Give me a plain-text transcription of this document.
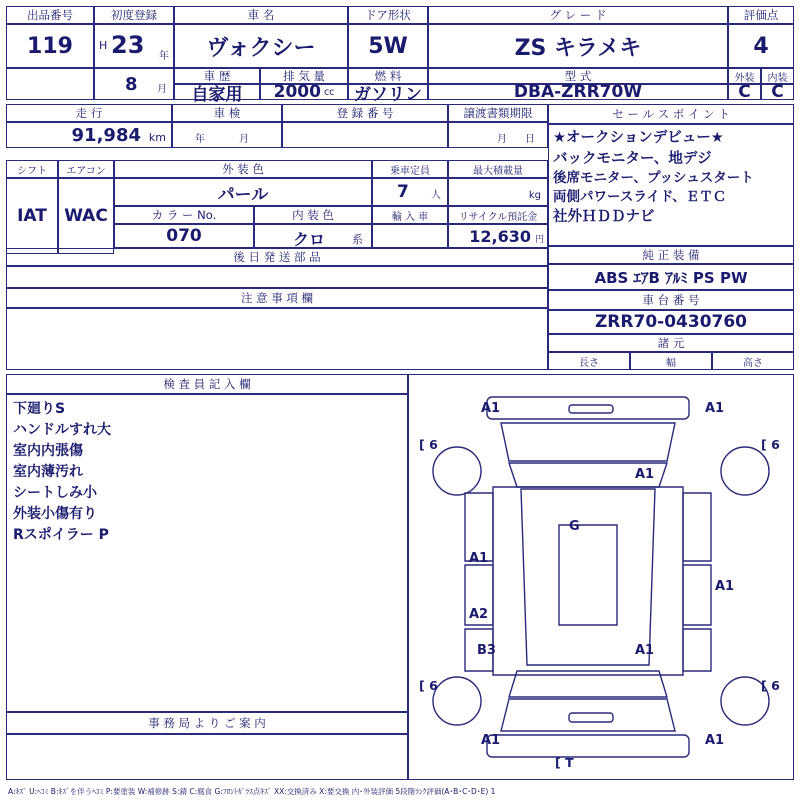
出品番号
119
初度登録
H 23 年
8 月
車 名
ヴォクシー
車 歴
自家用
排 気 量
2000 cc
ドア形状
5W
燃 料
ガソリン
グ レ ー ド
ZS キラメキ
型 式
DBA-ZRR70W
評価点
4
外装 内装
C C
走 行
91,984 km
車 検
年	月
登 録 番 号	譲渡書類期限
月 日
シフト エアコン
IAT WAC
外 装 色
パール
乗車定員
7 人
最大積載量
kg
カ ラ ー No.
070
内 装 色
クロ 系
輸 入 車	リサイクル預託金
12,630 円
後 日 発 送 部 品
注 意 事 項 欄
セ ー ル ス ポ イ ン ト
★オークションデビュー★
バックモニター、地デジ
後席モニター、プッシュスタート
両側パワースライド、ＥＴＣ
社外ＨＤＤナビ
純 正 装 備
ABS ｴｱB ｱﾙﾐ PS PW
車 台 番 号
ZRR70-0430760
諸 元
長さ	幅	高さ
検 査 員 記 入 欄
下廻りS
ハンドルすれ大
室内内張傷
室内薄汚れ
シートしみ小
外装小傷有り
Rスポイラー P
事 務 局 よ り ご 案 内
A1	A1
[ 6	[ 6
A1
G
A1
A1
A2
B3	A1
[ 6	[ 6
A1	A1
[ T
A:ｷｽﾞ U:ﾍｺﾐ B:ｷｽﾞを伴うﾍｺﾐ P:要塗装 W:補修跡 S:錆 C:腐食 G:ﾌﾛﾝﾄｶﾞﾗｽ点ｷｽﾞ XX:交換済み X:要交換 内･外装評価 5段階ﾗﾝｸ評価(A･B･C･D･E) 1
